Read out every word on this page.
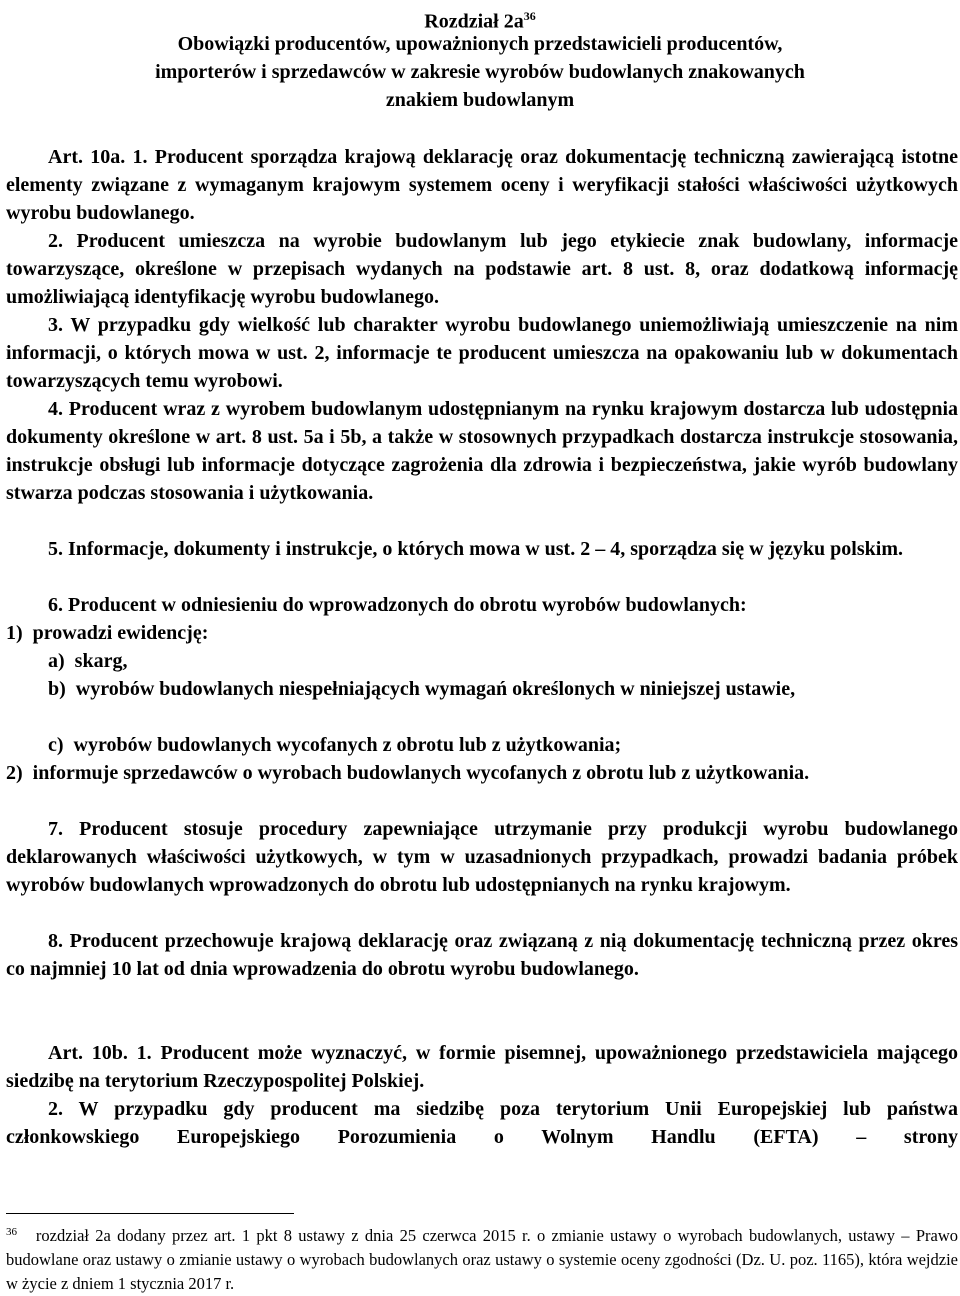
Rozdział $2a^{36}$
Obowiązki producentów, upoważnionych przedstawicieli producentów,
importerów i sprzedawców w zakresie wyrobów budowlanych znakowanych
znakiem budowlanym
Art. 10a. 1. Producent sporządza krajową deklarację oraz dokumentację techniczną zawierającą istotne elementy związane z wymaganym krajowym systemem oceny i weryfikacji stałości właściwości użytkowych wyrobu budowlanego.
2. Producent umieszcza na wyrobie budowlanym lub jego etykiecie znak budowlany, informacje towarzyszące, określone w przepisach wydanych na podstawie art. 8 ust. 8, oraz dodatkową informację umożliwiającą identyfikację wyrobu budowlanego.
3. W przypadku gdy wielkość lub charakter wyrobu budowlanego uniemożliwiają umieszczenie na nim informacji, o których mowa w ust. 2, informacje te producent umieszcza na opakowaniu lub w dokumentach towarzyszących temu wyrobowi.
4. Producent wraz z wyrobem budowlanym udostępnianym na rynku krajowym dostarcza lub udostępnia dokumenty określone w art. 8 ust. 5a i 5b, a także w stosownych przypadkach dostarcza instrukcje stosowania, instrukcje obsługi lub informacje dotyczące zagrożenia dla zdrowia i bezpieczeństwa, jakie wyrób budowlany stwarza podczas stosowania i użytkowania.
5. Informacje, dokumenty i instrukcje, o których mowa w ust. 2 – 4, sporządza się w języku polskim.
6. Producent w odniesieniu do wprowadzonych do obrotu wyrobów budowlanych:
1)  prowadzi ewidencję:
a)  skarg,
b)  wyrobów budowlanych niespełniających wymagań określonych w niniejszej ustawie,
c)  wyrobów budowlanych wycofanych z obrotu lub z użytkowania;
2)  informuje sprzedawców o wyrobach budowlanych wycofanych z obrotu lub z użytkowania.
7. Producent stosuje procedury zapewniające utrzymanie przy produkcji wyrobu budowlanego deklarowanych właściwości użytkowych, w tym w uzasadnionych przypadkach, prowadzi badania próbek wyrobów budowlanych wprowadzonych do obrotu lub udostępnianych na rynku krajowym.
8. Producent przechowuje krajową deklarację oraz związaną z nią dokumentację techniczną przez okres co najmniej 10 lat od dnia wprowadzenia do obrotu wyrobu budowlanego.
Art. 10b. 1. Producent może wyznaczyć, w formie pisemnej, upoważnionego przedstawiciela mającego siedzibę na terytorium Rzeczypospolitej Polskiej.
2. W przypadku gdy producent ma siedzibę poza terytorium Unii Europejskiej lub państwa członkowskiego Europejskiego Porozumienia o Wolnym Handlu (EFTA) – strony
$^{36}$ rozdział 2a dodany przez art. 1 pkt 8 ustawy z dnia 25 czerwca 2015 r. o zmianie ustawy o wyrobach budowlanych, ustawy – Prawo budowlane oraz ustawy o zmianie ustawy o wyrobach budowlanych oraz ustawy o systemie oceny zgodności (Dz. U. poz. 1165), która wejdzie w życie z dniem 1 stycznia 2017 r.
